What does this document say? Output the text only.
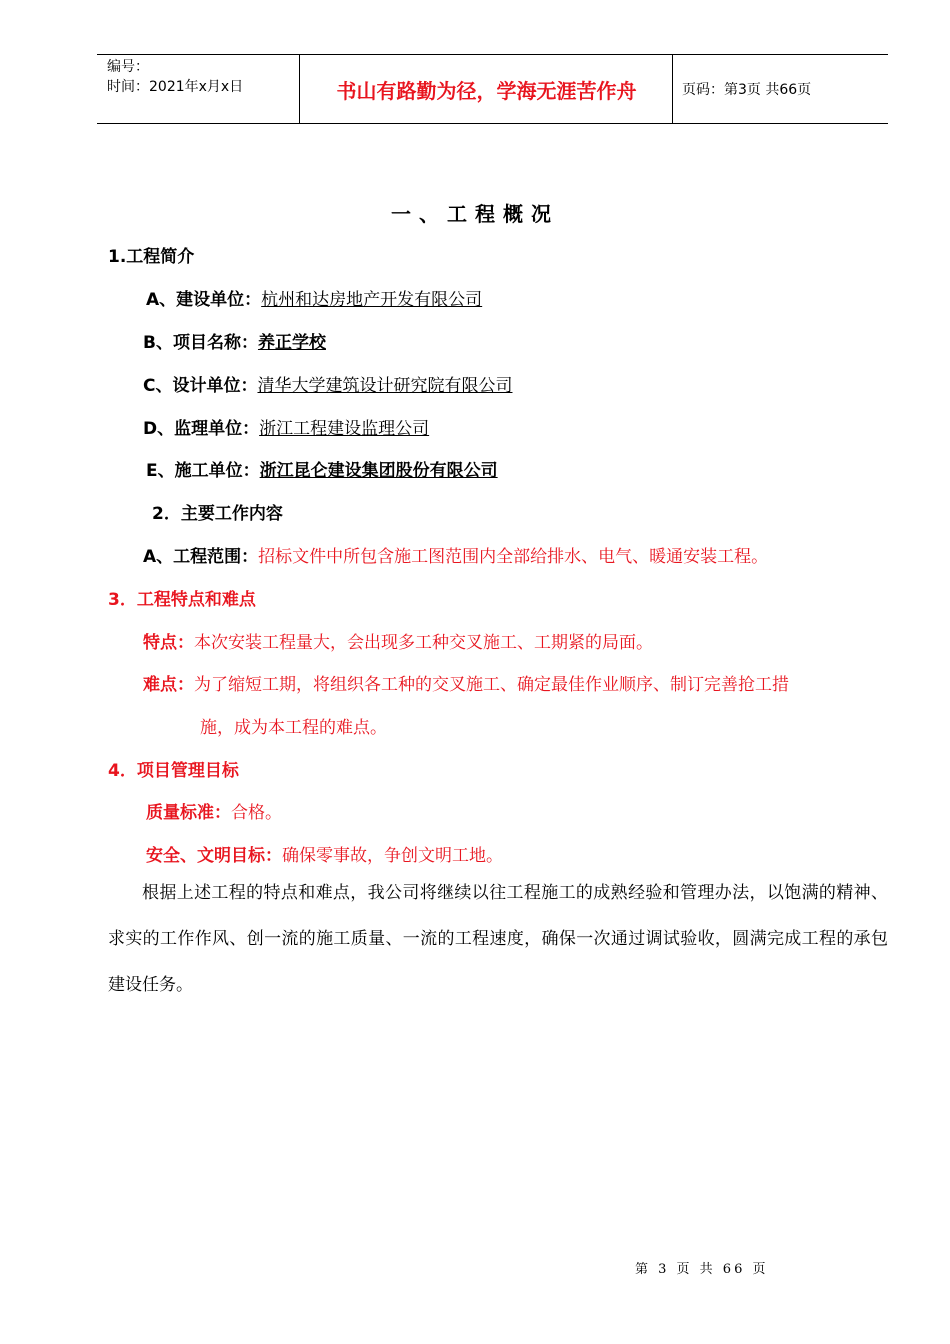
编号：
时间：2021年x月x日	书山有路勤为径，学海无涯苦作舟	页码：第3页 共66页
一、工程概况
1.工程简介
A、建设单位：杭州和达房地产开发有限公司
B、项目名称：养正学校
C、设计单位：清华大学建筑设计研究院有限公司
D、监理单位：浙江工程建设监理公司
E、施工单位：浙江昆仑建设集团股份有限公司
2．主要工作内容
A、工程范围：招标文件中所包含施工图范围内全部给排水、电气、暖通安装工程。
3．工程特点和难点
特点：本次安装工程量大，会出现多工种交叉施工、工期紧的局面。
难点：为了缩短工期，将组织各工种的交叉施工、确定最佳作业顺序、制订完善抢工措
施，成为本工程的难点。
4．项目管理目标
质量标准：合格。
安全、文明目标：确保零事故，争创文明工地。
根据上述工程的特点和难点，我公司将继续以往工程施工的成熟经验和管理办法，以饱满的精神、求实的工作作风、创一流的施工质量、一流的工程速度，确保一次通过调试验收，圆满完成工程的承包建设任务。
第 3 页 共 66 页
